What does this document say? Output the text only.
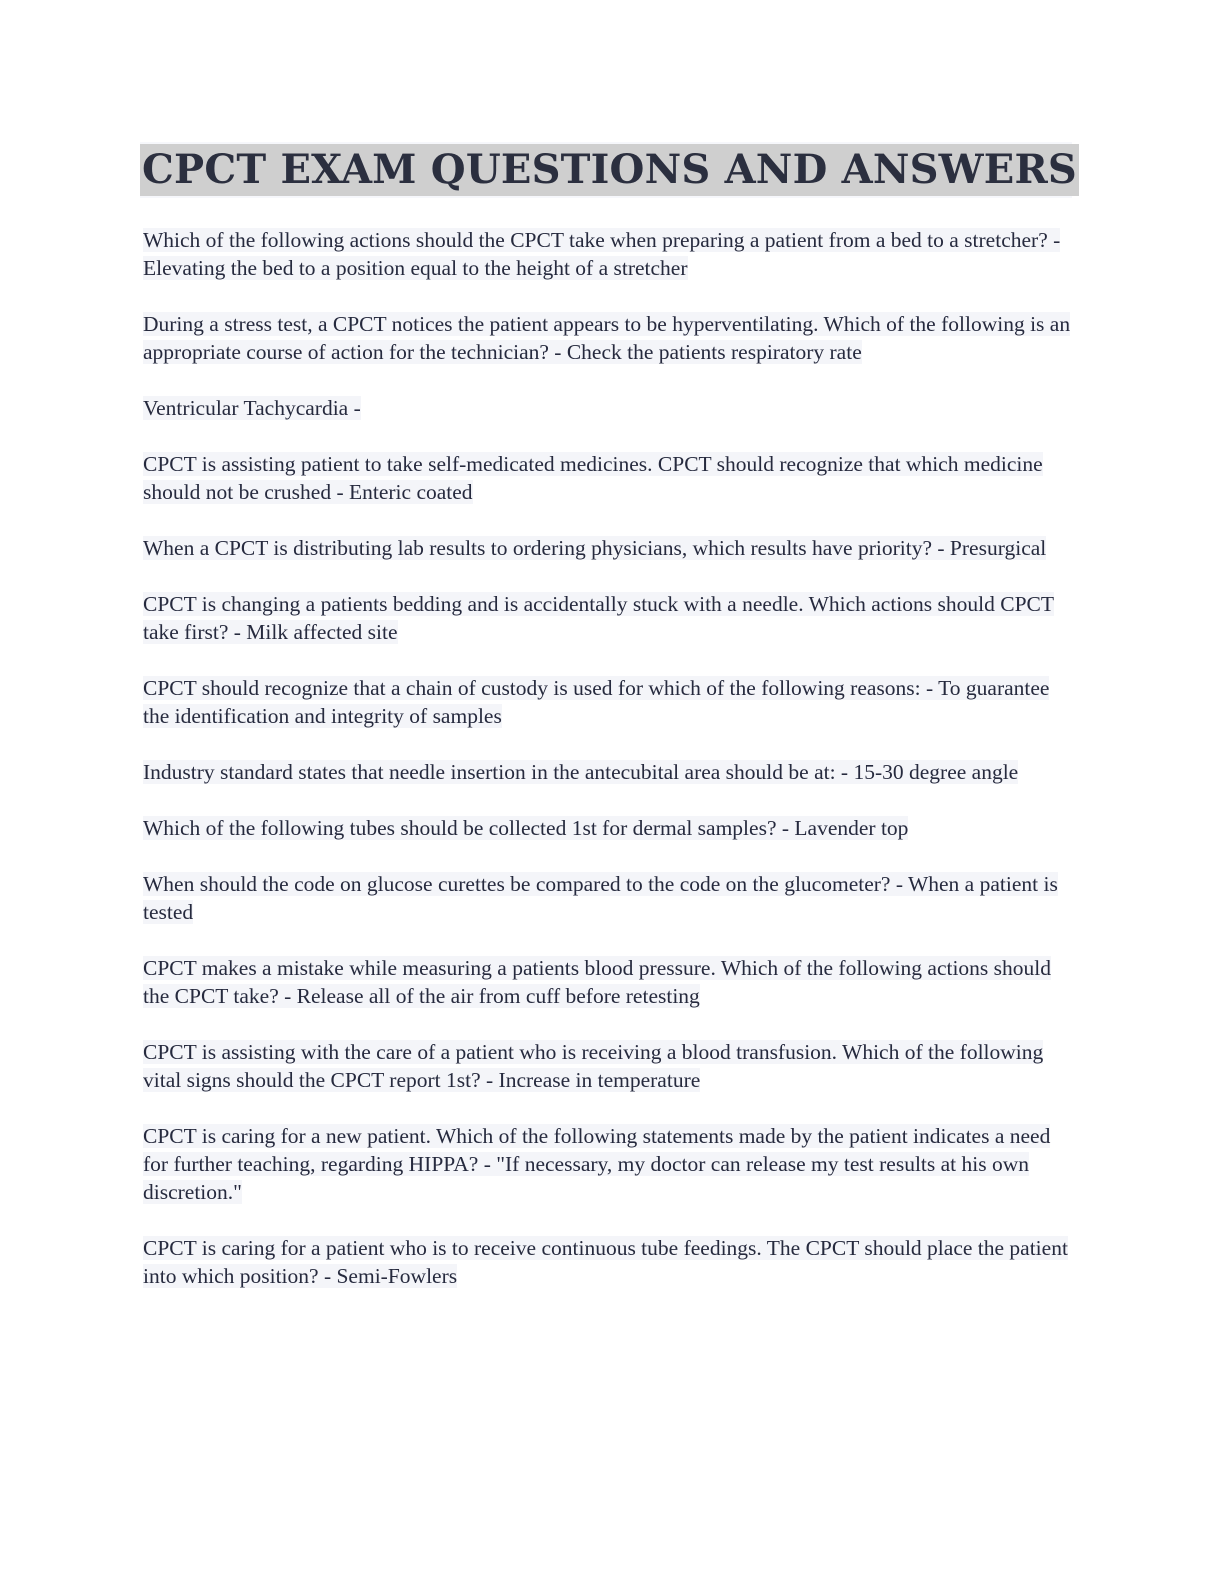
CPCT EXAM QUESTIONS AND ANSWERS

Which of the following actions should the CPCT take when preparing a patient from a bed to a stretcher? - Elevating the bed to a position equal to the height of a stretcher

During a stress test, a CPCT notices the patient appears to be hyperventilating. Which of the following is an appropriate course of action for the technician? - Check the patients respiratory rate

Ventricular Tachycardia -

CPCT is assisting patient to take self-medicated medicines. CPCT should recognize that which medicine should not be crushed - Enteric coated

When a CPCT is distributing lab results to ordering physicians, which results have priority? - Presurgical

CPCT is changing a patients bedding and is accidentally stuck with a needle. Which actions should CPCT take first? - Milk affected site

CPCT should recognize that a chain of custody is used for which of the following reasons: - To guarantee the identification and integrity of samples

Industry standard states that needle insertion in the antecubital area should be at: - 15-30 degree angle

Which of the following tubes should be collected 1st for dermal samples? - Lavender top

When should the code on glucose curettes be compared to the code on the glucometer? - When a patient is tested

CPCT makes a mistake while measuring a patients blood pressure. Which of the following actions should the CPCT take? - Release all of the air from cuff before retesting

CPCT is assisting with the care of a patient who is receiving a blood transfusion. Which of the following vital signs should the CPCT report 1st? - Increase in temperature

CPCT is caring for a new patient. Which of the following statements made by the patient indicates a need for further teaching, regarding HIPPA? - "If necessary, my doctor can release my test results at his own discretion."

CPCT is caring for a patient who is to receive continuous tube feedings. The CPCT should place the patient into which position? - Semi-Fowlers
